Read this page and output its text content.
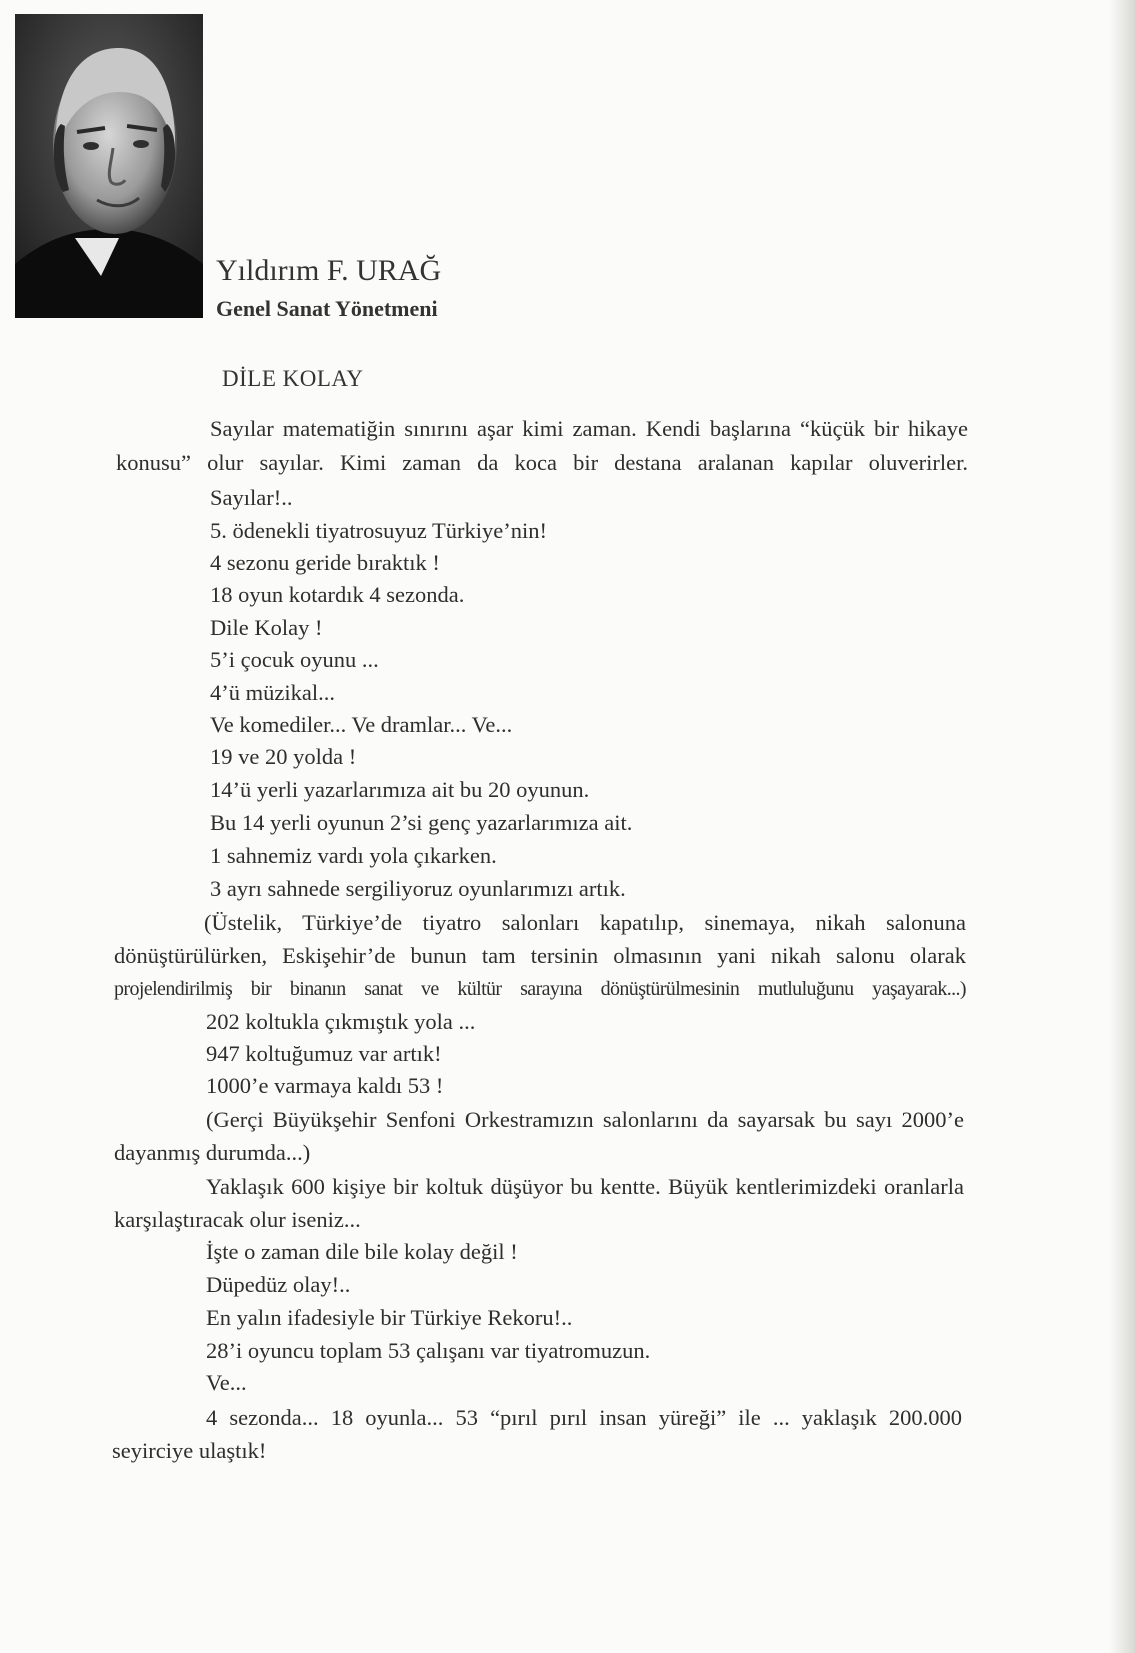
Yıldırım F. URAĞ
Genel Sanat Yönetmeni
DİLE KOLAY
Sayılar matematiğin sınırını aşar kimi zaman. Kendi başlarına “küçük bir hikaye
konusu” olur sayılar. Kimi zaman da koca bir destana aralanan kapılar oluverirler.
Sayılar!..
5. ödenekli tiyatrosuyuz Türkiye’nin!
4 sezonu geride bıraktık !
18 oyun kotardık 4 sezonda.
Dile Kolay !
5’i çocuk oyunu ...
4’ü müzikal...
Ve komediler... Ve dramlar... Ve...
19 ve 20 yolda !
14’ü yerli yazarlarımıza ait bu 20 oyunun.
Bu 14 yerli oyunun 2’si genç yazarlarımıza ait.
1 sahnemiz vardı yola çıkarken.
3 ayrı sahnede sergiliyoruz oyunlarımızı artık.
(Üstelik, Türkiye’de tiyatro salonları kapatılıp, sinemaya, nikah salonuna
dönüştürülürken, Eskişehir’de bunun tam tersinin olmasının yani nikah salonu olarak
projelendirilmiş bir binanın sanat ve kültür sarayına dönüştürülmesinin mutluluğunu yaşayarak...)
202 koltukla çıkmıştık yola ...
947 koltuğumuz var artık!
1000’e varmaya kaldı 53 !
(Gerçi Büyükşehir Senfoni Orkestramızın salonlarını da sayarsak bu sayı 2000’e
dayanmış durumda...)
Yaklaşık 600 kişiye bir koltuk düşüyor bu kentte. Büyük kentlerimizdeki oranlarla
karşılaştıracak olur iseniz...
İşte o zaman dile bile kolay değil !
Düpedüz olay!..
En yalın ifadesiyle bir Türkiye Rekoru!..
28’i oyuncu toplam 53 çalışanı var tiyatromuzun.
Ve...
4 sezonda... 18 oyunla... 53 “pırıl pırıl insan yüreği” ile ... yaklaşık 200.000
seyirciye ulaştık!
